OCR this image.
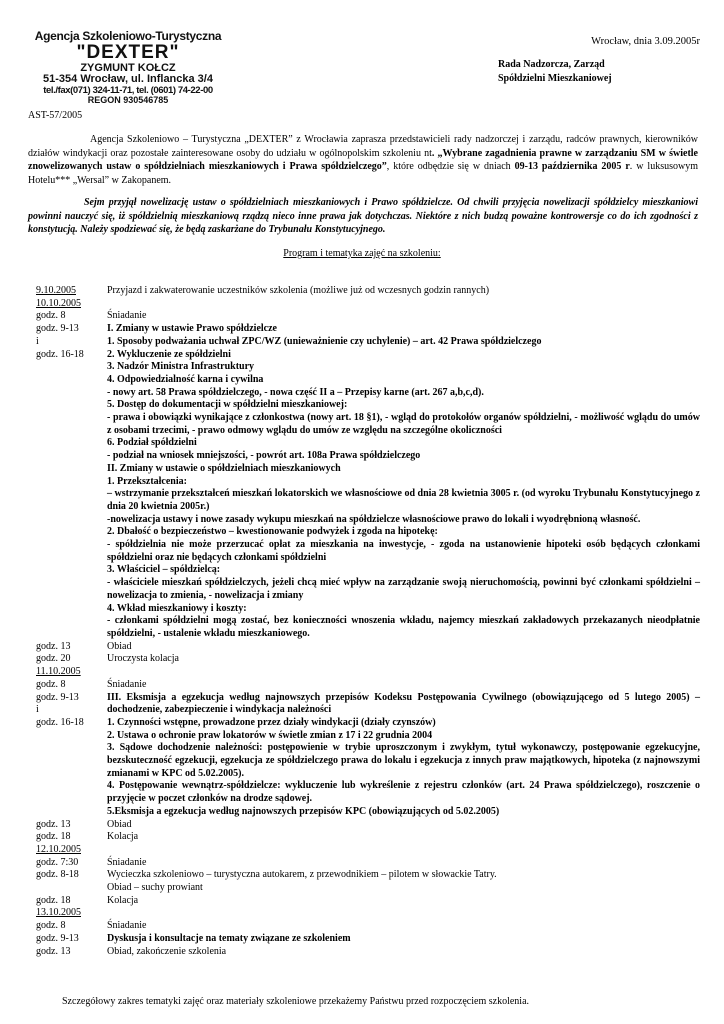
Agencja Szkoleniowo-Turystyczna
"DEXTER"
ZYGMUNT KOŁCZ
51-354 Wrocław, ul. Inflancka 3/4
tel./fax(071) 324-11-71, tel. (0601) 74-22-00
REGON 930546785
Wrocław, dnia 3.09.2005r
Rada Nadzorcza, Zarząd
Spółdzielni Mieszkaniowej
AST-57/2005
Agencja Szkoleniowo – Turystyczna „DEXTER” z Wrocławia zaprasza przedstawicieli rady nadzorczej i zarządu, radców prawnych, kierowników działów windykacji oraz pozostałe zainteresowane osoby do udziału w ogólnopolskim szkoleniu nt. „Wybrane zagadnienia prawne w zarządzaniu SM w świetle znowelizowanych ustaw o spółdzielniach mieszkaniowych i Prawa spółdzielczego”, które odbędzie się w dniach 09-13 października 2005 r. w luksusowym Hotelu*** „Wersal” w Zakopanem.
Sejm przyjął nowelizację ustaw o spółdzielniach mieszkaniowych i Prawo spółdzielcze. Od chwili przyjęcia nowelizacji spółdzielcy mieszkaniowi powinni nauczyć się, iż spółdzielnią mieszkaniową rządzą nieco inne prawa jak dotychczas. Niektóre z nich budzą poważne kontrowersje co do ich zgodności z konstytucją. Należy spodziewać się, że będą zaskarżane do Trybunału Konstytucyjnego.
Program i tematyka zajęć na szkoleniu:
9.10.2005	Przyjazd i zakwaterowanie uczestników szkolenia (możliwe już od wczesnych godzin rannych)
10.10.2005
godz. 8	Śniadanie
godz. 9-13	I. Zmiany w ustawie Prawo spółdzielcze
i	1. Sposoby podważania uchwał ZPC/WZ (unieważnienie czy uchylenie) – art. 42 Prawa spółdzielczego
godz. 16-18	2. Wykluczenie ze spółdzielni
3. Nadzór Ministra Infrastruktury
4. Odpowiedzialność karna i cywilna
- nowy art. 58 Prawa spółdzielczego, - nowa część II a – Przepisy karne (art. 267 a,b,c,d).
5. Dostęp do dokumentacji w spółdzielni mieszkaniowej:
- prawa i obowiązki wynikające z członkostwa (nowy art. 18 §1), - wgląd do protokołów organów spółdzielni, - możliwość wglądu do umów z osobami trzecimi, - prawo odmowy wglądu do umów ze względu na szczególne okoliczności
6. Podział spółdzielni
- podział na wniosek mniejszości, - powrót art. 108a Prawa spółdzielczego
II. Zmiany w ustawie o spółdzielniach mieszkaniowych
1. Przekształcenia:
– wstrzymanie przekształceń mieszkań lokatorskich we własnościowe od dnia 28 kwietnia 3005 r. (od wyroku Trybunału Konstytucyjnego z dnia 20 kwietnia 2005r.)
-nowelizacja ustawy i nowe zasady wykupu mieszkań na spółdzielcze własnościowe prawo do lokali i wyodrębnioną własność.
2. Dbałość o bezpieczeństwo – kwestionowanie podwyżek i zgoda na hipotekę:
- spółdzielnia nie może przerzucać opłat za mieszkania na inwestycje, - zgoda na ustanowienie hipoteki osób będących członkami spółdzielni oraz nie będących członkami spółdzielni
3. Właściciel – spółdzielcą:
- właściciele mieszkań spółdzielczych, jeżeli chcą mieć wpływ na zarządzanie swoją nieruchomością, powinni być członkami spółdzielni – nowelizacja to zmienia, - nowelizacja i zmiany
4. Wkład mieszkaniowy i koszty:
- członkami spółdzielni mogą zostać, bez konieczności wnoszenia wkładu, najemcy mieszkań zakładowych przekazanych nieodpłatnie spółdzielni, - ustalenie wkładu mieszkaniowego.
godz. 13	Obiad
godz. 20	Uroczysta kolacja
11.10.2005
godz. 8	Śniadanie
godz. 9-13	III. Eksmisja a egzekucja według najnowszych przepisów Kodeksu Postępowania Cywilnego (obowiązującego od 5 lutego 2005) – dochodzenie, zabezpieczenie i windykacja należności
i
godz. 16-18	1. Czynności wstępne, prowadzone przez działy windykacji (działy czynszów)
2. Ustawa o ochronie praw lokatorów w świetle zmian z 17 i 22 grudnia 2004
3. Sądowe dochodzenie należności: postępowienie w trybie uproszczonym i zwykłym, tytuł wykonawczy, postępowanie egzekucyjne, bezskuteczność egzekucji, egzekucja ze spółdzielczego prawa do lokalu i egzekucja z innych praw majątkowych, hipoteka (z najnowszymi zmianami w KPC od 5.02.2005).
4. Postępowanie wewnątrz-spółdzielcze: wykluczenie lub wykreślenie z rejestru członków (art. 24 Prawa spółdzielczego), roszczenie o przyjęcie w poczet członków na drodze sądowej.
5.Eksmisja a egzekucja według najnowszych przepisów KPC (obowiązujących od 5.02.2005)
godz. 13	Obiad
godz. 18	Kolacja
12.10.2005
godz. 7:30	Śniadanie
godz. 8-18	Wycieczka szkoleniowo – turystyczna autokarem, z przewodnikiem – pilotem w słowackie Tatry.
Obiad – suchy prowiant
godz. 18	Kolacja
13.10.2005
godz. 8	Śniadanie
godz. 9-13	Dyskusja i konsultacje na tematy związane ze szkoleniem
godz. 13	Obiad, zakończenie szkolenia
Szczegółowy zakres tematyki zajęć oraz materiały szkoleniowe przekażemy Państwu przed rozpoczęciem szkolenia.
